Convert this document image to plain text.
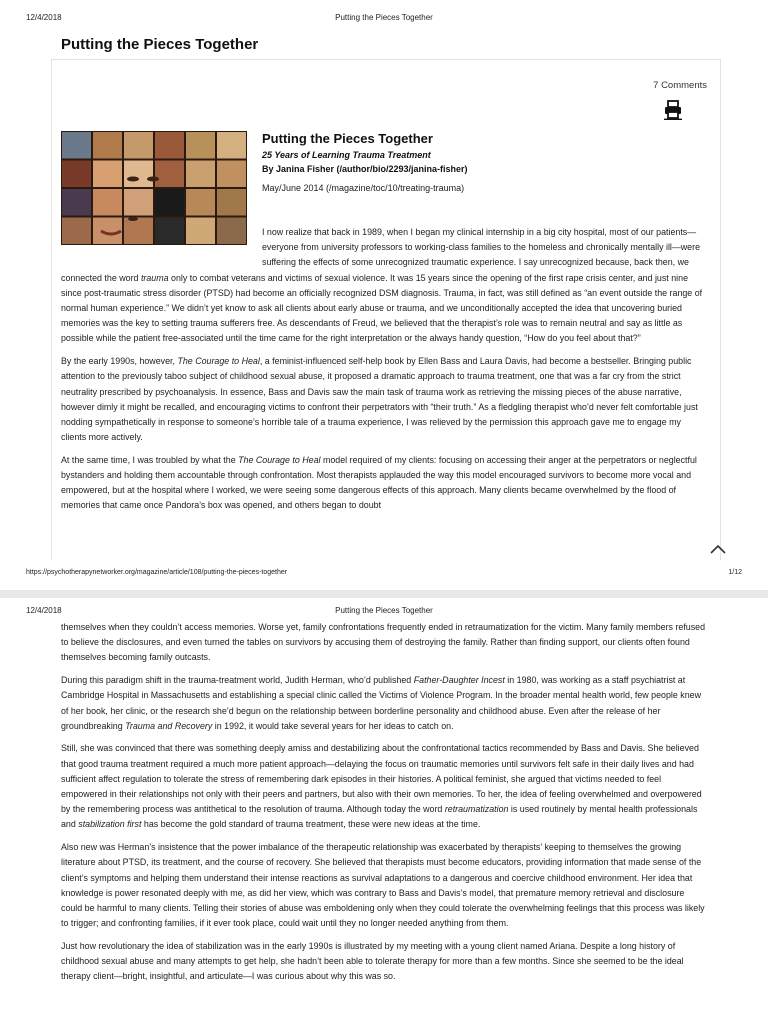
12/4/2018	Putting the Pieces Together
Putting the Pieces Together
7 Comments
Putting the Pieces Together
25 Years of Learning Trauma Treatment
By Janina Fisher (/author/bio/2293/janina-fisher)
May/June 2014 (/magazine/toc/10/treating-trauma)

I now realize that back in 1989, when I began my clinical internship in a big city hospital, most of our patients—everyone from university professors to working-class families to the homeless and chronically mentally ill—were suffering the effects of some unrecognized traumatic experience. I say unrecognized because, back then, we connected the word trauma only to combat veterans and victims of sexual violence. It was 15 years since the opening of the first rape crisis center, and just nine since post-traumatic stress disorder (PTSD) had become an officially recognized DSM diagnosis. Trauma, in fact, was still defined as “an event outside the range of normal human experience.” We didn’t yet know to ask all clients about early abuse or trauma, and we unconditionally accepted the idea that uncovering buried memories was the key to setting trauma sufferers free. As descendants of Freud, we believed that the therapist’s role was to remain neutral and say as little as possible while the patient free-associated until the time came for the right interpretation or the always handy question, “How do you feel about that?”

By the early 1990s, however, The Courage to Heal, a feminist-influenced self-help book by Ellen Bass and Laura Davis, had become a bestseller. Bringing public attention to the previously taboo subject of childhood sexual abuse, it proposed a dramatic approach to trauma treatment, one that was a far cry from the strict neutrality prescribed by psychoanalysis. In essence, Bass and Davis saw the main task of trauma work as retrieving the missing pieces of the abuse narrative, however dimly it might be recalled, and encouraging victims to confront their perpetrators with “their truth.” As a fledgling therapist who’d never felt comfortable just nodding sympathetically in response to someone’s horrible tale of a trauma experience, I was relieved by the permission this approach gave me to engage my clients more actively.

At the same time, I was troubled by what the The Courage to Heal model required of my clients: focusing on accessing their anger at the perpetrators or neglectful bystanders and holding them accountable through confrontation. Most therapists applauded the way this model encouraged survivors to become more vocal and empowered, but at the hospital where I worked, we were seeing some dangerous effects of this approach. Many clients became overwhelmed by the flood of memories that came once Pandora’s box was opened, and others began to doubt

https://psychotherapynetworker.org/magazine/article/108/putting-the-pieces-together	1/12
12/4/2018	Putting the Pieces Together

themselves when they couldn’t access memories. Worse yet, family confrontations frequently ended in retraumatization for the victim. Many family members refused to believe the disclosures, and even turned the tables on survivors by accusing them of destroying the family. Rather than finding support, our clients often found themselves becoming family outcasts.

During this paradigm shift in the trauma-treatment world, Judith Herman, who’d published Father-Daughter Incest in 1980, was working as a staff psychiatrist at Cambridge Hospital in Massachusetts and establishing a special clinic called the Victims of Violence Program. In the broader mental health world, few people knew of her book, her clinic, or the research she’d begun on the relationship between borderline personality and childhood abuse. Even after the release of her groundbreaking Trauma and Recovery in 1992, it would take several years for her ideas to catch on.

Still, she was convinced that there was something deeply amiss and destabilizing about the confrontational tactics recommended by Bass and Davis. She believed that good trauma treatment required a much more patient approach—delaying the focus on traumatic memories until survivors felt safe in their daily lives and had sufficient affect regulation to tolerate the stress of remembering dark episodes in their histories. A political feminist, she argued that victims needed to feel empowered in their relationships not only with their peers and partners, but also with their own memories. To her, the idea of feeling overwhelmed and overpowered by the remembering process was antithetical to the resolution of trauma. Although today the word retraumatization is used routinely by mental health professionals and stabilization first has become the gold standard of trauma treatment, these were new ideas at the time.

Also new was Herman’s insistence that the power imbalance of the therapeutic relationship was exacerbated by therapists’ keeping to themselves the growing literature about PTSD, its treatment, and the course of recovery. She believed that therapists must become educators, providing information that made sense of the client’s symptoms and helping them understand their intense reactions as survival adaptations to a dangerous and coercive childhood environment. Her idea that knowledge is power resonated deeply with me, as did her view, which was contrary to Bass and Davis’s model, that premature memory retrieval and disclosure could be harmful to many clients. Telling their stories of abuse was emboldening only when they could tolerate the overwhelming feelings that this process was likely to trigger; and confronting families, if it ever took place, could wait until they no longer needed anything from them.

Just how revolutionary the idea of stabilization was in the early 1990s is illustrated by my meeting with a young client named Ariana. Despite a long history of childhood sexual abuse and many attempts to get help, she hadn’t been able to tolerate therapy for more than a few months. Since she seemed to be the ideal therapy client—bright, insightful, and articulate—I was curious about why this was so.
